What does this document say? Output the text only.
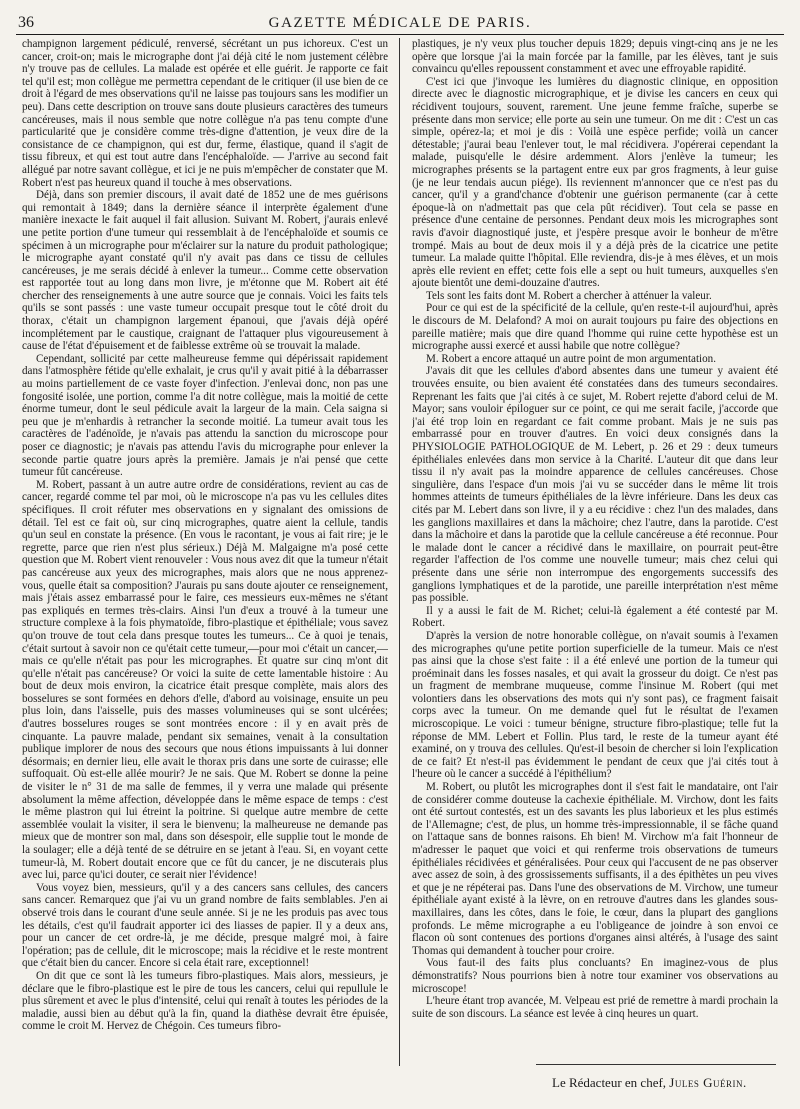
36	GAZETTE MÉDICALE DE PARIS.

champignon largement pédiculé, renversé, sécrétant un pus ichoreux. C'est un cancer, croit-on; mais le micrographe dont j'ai déjà cité le nom justement célèbre n'y trouve pas de cellules. La malade est opérée et elle guérit. Je rapporte ce fait tel qu'il est; mon collègue me permettra cependant de le critiquer (il use bien de ce droit à l'égard de mes observations qu'il ne laisse pas toujours sans les modifier un peu). Dans cette description on trouve sans doute plusieurs caractères des tumeurs cancéreuses, mais il nous semble que notre collègue n'a pas tenu compte d'une particularité que je considère comme très-digne d'attention, je veux dire de la consistance de ce champignon, qui est dur, ferme, élastique, quand il s'agit de tissu fibreux, et qui est tout autre dans l'encéphaloïde. — J'arrive au second fait allégué par notre savant collègue, et ici je ne puis m'empêcher de constater que M. Robert n'est pas heureux quand il touche à mes observations.

Déjà, dans son premier discours, il avait daté de 1852 une de mes guérisons qui remontait à 1849; dans la dernière séance il interprète également d'une manière inexacte le fait auquel il fait allusion. Suivant M. Robert, j'aurais enlevé une petite portion d'une tumeur qui ressemblait à de l'encéphaloïde et soumis ce spécimen à un micrographe pour m'éclairer sur la nature du produit pathologique; le micrographe ayant constaté qu'il n'y avait pas dans ce tissu de cellules cancéreuses, je me serais décidé à enlever la tumeur... Comme cette observation est rapportée tout au long dans mon livre, je m'étonne que M. Robert ait été chercher des renseignements à une autre source que je connais. Voici les faits tels qu'ils se sont passés : une vaste tumeur occupait presque tout le côté droit du thorax, c'était un champignon largement épanoui, que j'avais déjà opéré incomplétement par le caustique, craignant de l'attaquer plus vigoureusement à cause de l'état d'épuisement et de faiblesse extrême où se trouvait la malade.

Cependant, sollicité par cette malheureuse femme qui dépérissait rapidement dans l'atmosphère fétide qu'elle exhalait, je crus qu'il y avait pitié à la débarrasser au moins partiellement de ce vaste foyer d'infection. J'enlevai donc, non pas une fongosité isolée, une portion, comme l'a dit notre collègue, mais la moitié de cette énorme tumeur, dont le seul pédicule avait la largeur de la main. Cela saigna si peu que je m'enhardis à retrancher la seconde moitié. La tumeur avait tous les caractères de l'adénoïde, je n'avais pas attendu la sanction du microscope pour poser ce diagnostic; je n'avais pas attendu l'avis du micrographe pour enlever la seconde partie quatre jours après la première. Jamais je n'ai pensé que cette tumeur fût cancéreuse.

M. Robert, passant à un autre autre ordre de considérations, revient au cas de cancer, regardé comme tel par moi, où le microscope n'a pas vu les cellules dites spécifiques. Il croit réfuter mes observations en y signalant des omissions de détail. Tel est ce fait où, sur cinq micrographes, quatre aient la cellule, tandis qu'un seul en constate la présence. (En vous le racontant, je vous ai fait rire; je le regrette, parce que rien n'est plus sérieux.) Déjà M. Malgaigne m'a posé cette question que M. Robert vient renouveler : Vous nous avez dit que la tumeur n'était pas cancéreuse aux yeux des micrographes, mais alors que ne nous apprenez-vous, quelle était sa composition? J'aurais pu sans doute ajouter ce renseignement, mais j'étais assez embarrassé pour le faire, ces messieurs eux-mêmes ne s'étant pas expliqués en termes très-clairs. Ainsi l'un d'eux a trouvé à la tumeur une structure complexe à la fois phymatoïde, fibro-plastique et épithéliale; vous savez qu'on trouve de tout cela dans presque toutes les tumeurs... Ce à quoi je tenais, c'était surtout à savoir non ce qu'était cette tumeur,—pour moi c'était un cancer,—mais ce qu'elle n'était pas pour les micrographes. Et quatre sur cinq m'ont dit qu'elle n'était pas cancéreuse? Or voici la suite de cette lamentable histoire : Au bout de deux mois environ, la cicatrice était presque complète, mais alors des bosselures se sont formées en dehors d'elle, d'abord au voisinage, ensuite un peu plus loin, dans l'aisselle, puis des masses volumineuses qui se sont ulcérées; d'autres bosselures rouges se sont montrées encore : il y en avait près de cinquante. La pauvre malade, pendant six semaines, venait à la consultation publique implorer de nous des secours que nous étions impuissants à lui donner désormais; en dernier lieu, elle avait le thorax pris dans une sorte de cuirasse; elle suffoquait. Où est-elle allée mourir? Je ne sais. Que M. Robert se donne la peine de visiter le n° 31 de ma salle de femmes, il y verra une malade qui présente absolument la même affection, développée dans le même espace de temps : c'est le même plastron qui lui étreint la poitrine. Si quelque autre membre de cette assemblée voulait la visiter, il sera le bienvenu; la malheureuse ne demande pas mieux que de montrer son mal, dans son désespoir, elle supplie tout le monde de la soulager; elle a déjà tenté de se détruire en se jetant à l'eau. Si, en voyant cette tumeur-là, M. Robert doutait encore que ce fût du cancer, je ne discuterais plus avec lui, parce qu'ici douter, ce serait nier l'évidence!

Vous voyez bien, messieurs, qu'il y a des cancers sans cellules, des cancers sans cancer. Remarquez que j'ai vu un grand nombre de faits semblables. J'en ai observé trois dans le courant d'une seule année. Si je ne les produis pas avec tous les détails, c'est qu'il faudrait apporter ici des liasses de papier. Il y a deux ans, pour un cancer de cet ordre-là, je me décide, presque malgré moi, à faire l'opération; pas de cellule, dit le microscope; mais la récidive et le reste montrent que c'était bien du cancer. Encore si cela était rare, exceptionnel!

On dit que ce sont là les tumeurs fibro-plastiques. Mais alors, messieurs, je déclare que le fibro-plastique est le pire de tous les cancers, celui qui repullule le plus sûrement et avec le plus d'intensité, celui qui renaît à toutes les périodes de la maladie, aussi bien au début qu'à la fin, quand la diathèse devrait être épuisée, comme le croit M. Hervez de Chégoin. Ces tumeurs fibro-

plastiques, je n'y veux plus toucher depuis 1829; depuis vingt-cinq ans je ne les opère que lorsque j'ai la main forcée par la famille, par les élèves, tant je suis convaincu qu'elles repoussent constamment et avec une effroyable rapidité.

C'est ici que j'invoque les lumières du diagnostic clinique, en opposition directe avec le diagnostic micrographique, et je divise les cancers en ceux qui récidivent toujours, souvent, rarement. Une jeune femme fraîche, superbe se présente dans mon service; elle porte au sein une tumeur. On me dit : C'est un cas simple, opérez-la; et moi je dis : Voilà une espèce perfide; voilà un cancer détestable; j'aurai beau l'enlever tout, le mal récidivera. J'opérerai cependant la malade, puisqu'elle le désire ardemment. Alors j'enlève la tumeur; les micrographes présents se la partagent entre eux par gros fragments, à leur guise (je ne leur tendais aucun piége). Ils reviennent m'annoncer que ce n'est pas du cancer, qu'il y a grand'chance d'obtenir une guérison permanente (car à cette époque-là on n'admettait pas que cela pût récidiver). Tout cela se passe en présence d'une centaine de personnes. Pendant deux mois les micrographes sont ravis d'avoir diagnostiqué juste, et j'espère presque avoir le bonheur de m'être trompé. Mais au bout de deux mois il y a déjà près de la cicatrice une petite tumeur. La malade quitte l'hôpital. Elle reviendra, dis-je à mes élèves, et un mois après elle revient en effet; cette fois elle a sept ou huit tumeurs, auxquelles s'en ajoute bientôt une demi-douzaine d'autres.

Tels sont les faits dont M. Robert a chercher à atténuer la valeur.

Pour ce qui est de la spécificité de la cellule, qu'en reste-t-il aujourd'hui, après le discours de M. Delafond? A moi on aurait toujours pu faire des objections en pareille matière; mais que dire quand l'homme qui ruine cette hypothèse est un micrographe aussi exercé et aussi habile que notre collègue?

M. Robert a encore attaqué un autre point de mon argumentation.

J'avais dit que les cellules d'abord absentes dans une tumeur y avaient été trouvées ensuite, ou bien avaient été constatées dans des tumeurs secondaires. Reprenant les faits que j'ai cités à ce sujet, M. Robert rejette d'abord celui de M. Mayor; sans vouloir épiloguer sur ce point, ce qui me serait facile, j'accorde que j'ai été trop loin en regardant ce fait comme probant. Mais je ne suis pas embarrassé pour en trouver d'autres. En voici deux consignés dans la PHYSIOLOGIE PATHOLOGIQUE de M. Lebert, p. 26 et 29 : deux tumeurs épithéliales enlevées dans mon service à la Charité. L'auteur dit que dans leur tissu il n'y avait pas la moindre apparence de cellules cancéreuses. Chose singulière, dans l'espace d'un mois j'ai vu se succéder dans le même lit trois hommes atteints de tumeurs épithéliales de la lèvre inférieure. Dans les deux cas cités par M. Lebert dans son livre, il y a eu récidive : chez l'un des malades, dans les ganglions maxillaires et dans la mâchoire; chez l'autre, dans la parotide. C'est dans la mâchoire et dans la parotide que la cellule cancéreuse a été reconnue. Pour le malade dont le cancer a récidivé dans le maxillaire, on pourrait peut-être regarder l'affection de l'os comme une nouvelle tumeur; mais chez celui qui présente dans une série non interrompue des engorgements successifs des ganglions lymphatiques et de la parotide, une pareille interprétation n'est même pas possible.

Il y a aussi le fait de M. Richet; celui-là également a été contesté par M. Robert.

D'après la version de notre honorable collègue, on n'avait soumis à l'examen des micrographes qu'une petite portion superficielle de la tumeur. Mais ce n'est pas ainsi que la chose s'est faite : il a été enlevé une portion de la tumeur qui proéminait dans les fosses nasales, et qui avait la grosseur du doigt. Ce n'est pas un fragment de membrane muqueuse, comme l'insinue M. Robert (qui met volontiers dans les observations des mots qui n'y sont pas), ce fragment faisait corps avec la tumeur. On me demande quel fut le résultat de l'examen microscopique. Le voici : tumeur bénigne, structure fibro-plastique; telle fut la réponse de MM. Lebert et Follin. Plus tard, le reste de la tumeur ayant été examiné, on y trouva des cellules. Qu'est-il besoin de chercher si loin l'explication de ce fait? Et n'est-il pas évidemment le pendant de ceux que j'ai cités tout à l'heure où le cancer a succédé à l'épithélium?

M. Robert, ou plutôt les micrographes dont il s'est fait le mandataire, ont l'air de considérer comme douteuse la cachexie épithéliale. M. Virchow, dont les faits ont été surtout contestés, est un des savants les plus laborieux et les plus estimés de l'Allemagne; c'est, de plus, un homme très-impressionnable, il se fâche quand on l'attaque sans de bonnes raisons. Eh bien! M. Virchow m'a fait l'honneur de m'adresser le paquet que voici et qui renferme trois observations de tumeurs épithéliales récidivées et généralisées. Pour ceux qui l'accusent de ne pas observer avec assez de soin, à des grossissements suffisants, il a des épithètes un peu vives et que je ne répéterai pas. Dans l'une des observations de M. Virchow, une tumeur épithéliale ayant existé à la lèvre, on en retrouve d'autres dans les glandes sous-maxillaires, dans les côtes, dans le foie, le cœur, dans la plupart des ganglions profonds. Le même micrographe a eu l'obligeance de joindre à son envoi ce flacon où sont contenues des portions d'organes ainsi altérés, à l'usage des saint Thomas qui demandent à toucher pour croire.

Vous faut-il des faits plus concluants? En imaginez-vous de plus démonstratifs? Nous pourrions bien à notre tour examiner vos observations au microscope!

L'heure étant trop avancée, M. Velpeau est prié de remettre à mardi prochain la suite de son discours. La séance est levée à cinq heures un quart.

Le Rédacteur en chef, Jules Guérin.
